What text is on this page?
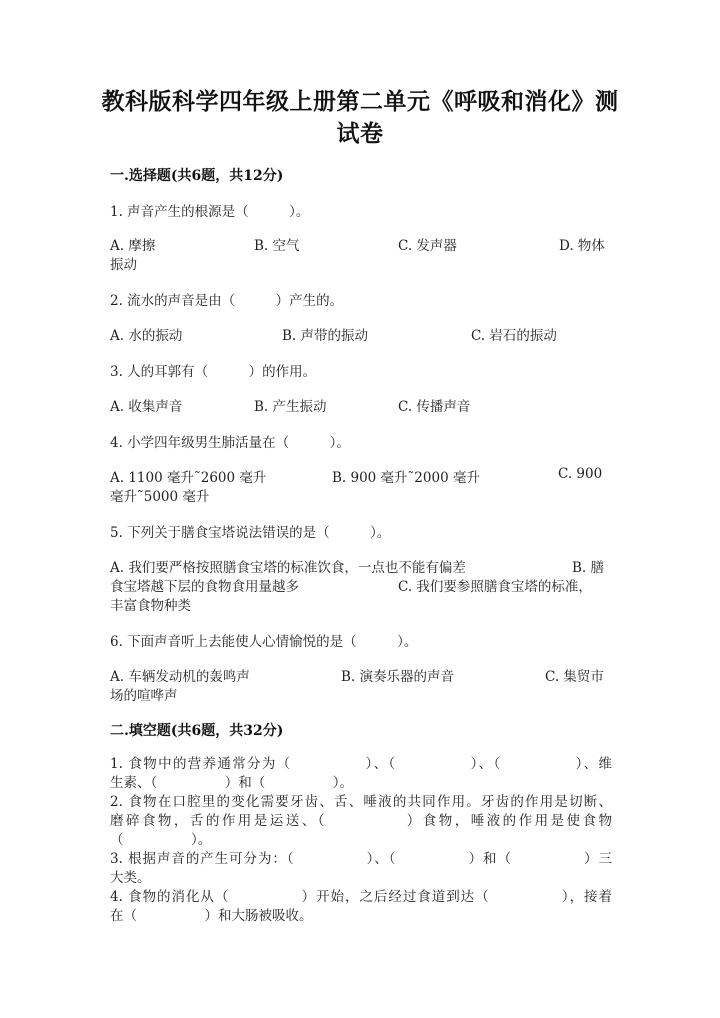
教科版科学四年级上册第二单元《呼吸和消化》测
试卷
一.选择题(共6题，共12分)
1. 声音产生的根源是（　　　）。
A. 摩擦	B. 空气	C. 发声器	D. 物体
振动
2. 流水的声音是由（　　　）产生的。
A. 水的振动	B. 声带的振动	C. 岩石的振动
3. 人的耳郭有（　　　）的作用。
A. 收集声音	B. 产生振动	C. 传播声音
4. 小学四年级男生肺活量在（　　　）。
A. 1100 毫升˜2600 毫升	B. 900 毫升˜2000 毫升	C. 900
毫升˜5000 毫升
5. 下列关于膳食宝塔说法错误的是（　　　）。
A. 我们要严格按照膳食宝塔的标准饮食，一点也不能有偏差	B. 膳
食宝塔越下层的食物食用量越多	C. 我们要参照膳食宝塔的标准，
丰富食物种类
6. 下面声音听上去能使人心情愉悦的是（　　　）。
A. 车辆发动机的轰鸣声	B. 演奏乐器的声音	C. 集贸市
场的喧哗声
二.填空题(共6题，共32分)
1. 食物中的营养通常分为（　　　　　）、（　　　　　）、（　　　　　）、维
生素、（　　　　　）和（　　　　　）。
2. 食物在口腔里的变化需要牙齿、舌、唾液的共同作用。牙齿的作用是切断、
磨碎食物，舌的作用是运送、（　　　　　）食物，唾液的作用是使食物
（　　　　　）。
3. 根据声音的产生可分为：（　　　　　）、（　　　　　）和（　　　　　）三
大类。
4. 食物的消化从（　　　　　）开始，之后经过食道到达（　　　　　），接着
在（　　　　　）和大肠被吸收。
